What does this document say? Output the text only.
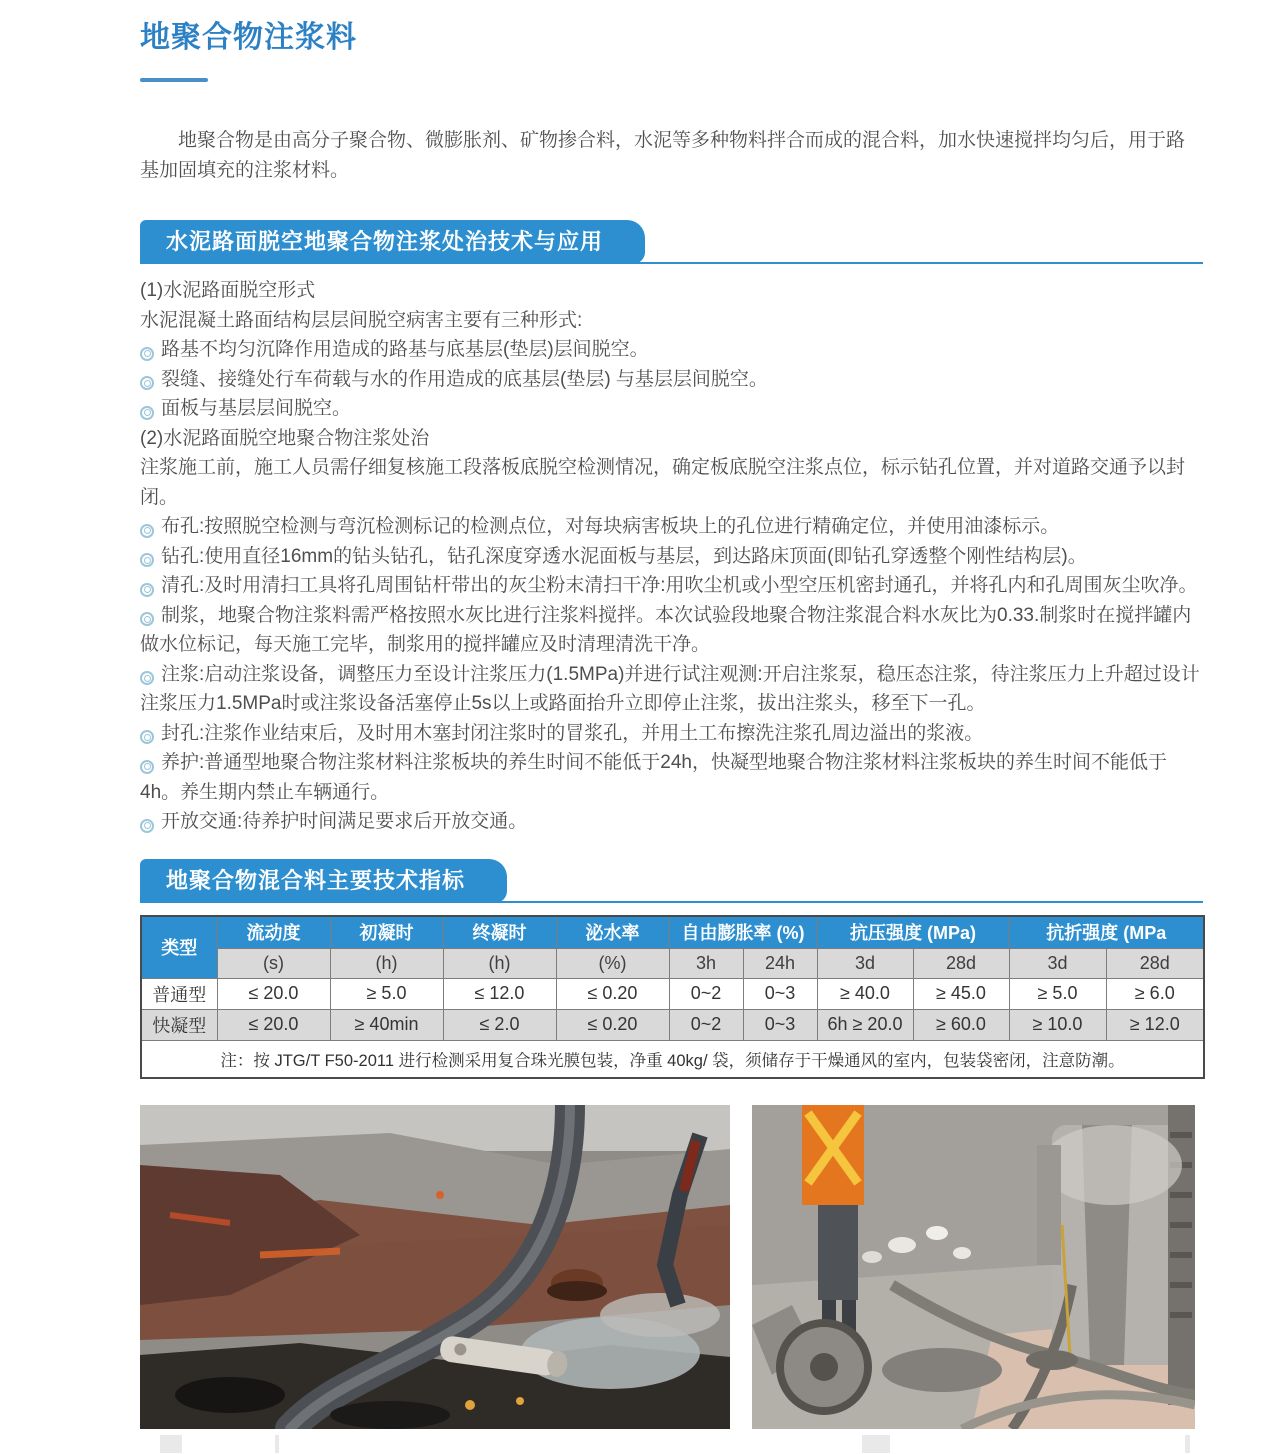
地聚合物注浆料

地聚合物是由高分子聚合物、微膨胀剂、矿物掺合料，水泥等多种物料拌合而成的混合料，加水快速搅拌均匀后，用于路基加固填充的注浆材料。

水泥路面脱空地聚合物注浆处治技术与应用

(1)水泥路面脱空形式

水泥混凝土路面结构层层间脱空病害主要有三种形式:

路基不均匀沉降作用造成的路基与底基层(垫层)层间脱空。

裂缝、接缝处行车荷载与水的作用造成的底基层(垫层) 与基层层间脱空。

面板与基层层间脱空。

(2)水泥路面脱空地聚合物注浆处治

注浆施工前，施工人员需仔细复核施工段落板底脱空检测情况，确定板底脱空注浆点位，标示钻孔位置，并对道路交通予以封闭。

布孔:按照脱空检测与弯沉检测标记的检测点位，对每块病害板块上的孔位进行精确定位，并使用油漆标示。

钻孔:使用直径16mm的钻头钻孔，钻孔深度穿透水泥面板与基层，到达路床顶面(即钻孔穿透整个刚性结构层)。

清孔:及时用清扫工具将孔周围钻杆带出的灰尘粉末清扫干净:用吹尘机或小型空压机密封通孔，并将孔内和孔周围灰尘吹净。

制浆，地聚合物注浆料需严格按照水灰比进行注浆料搅拌。本次试验段地聚合物注浆混合料水灰比为0.33.制浆时在搅拌罐内做水位标记，每天施工完毕，制浆用的搅拌罐应及时清理清洗干净。

注浆:启动注浆设备，调整压力至设计注浆压力(1.5MPa)并进行试注观测:开启注浆泵，稳压态注浆，待注浆压力上升超过设计注浆压力1.5MPa时或注浆设备活塞停止5s以上或路面抬升立即停止注浆，拔出注浆头，移至下一孔。

封孔:注浆作业结束后，及时用木塞封闭注浆时的冒浆孔，并用土工布擦洗注浆孔周边溢出的浆液。

养护:普通型地聚合物注浆材料注浆板块的养生时间不能低于24h，快凝型地聚合物注浆材料注浆板块的养生时间不能低于4h。养生期内禁止车辆通行。

开放交通:待养护时间满足要求后开放交通。

地聚合物混合料主要技术指标
类型	流动度	初凝时	终凝时	泌水率	自由膨胀率 (%)		抗压强度 (MPa)		抗折强度 (MPa	
	(s)	(h)	(h)	(%)	3h	24h	3d	28d	3d	28d
普通型	≤ 20.0	≥ 5.0	≤ 12.0	≤ 0.20	0~2	0~3	≥ 40.0	≥ 45.0	≥ 5.0	≥ 6.0
快凝型	≤ 20.0	≥ 40min	≤ 2.0	≤ 0.20	0~2	0~3	6h ≥ 20.0	≥ 60.0	≥ 10.0	≥ 12.0
注：按 JTG/T F50-2011 进行检测采用复合珠光膜包装，净重 40kg/ 袋，须储存于干燥通风的室内，包装袋密闭，注意防潮。										
